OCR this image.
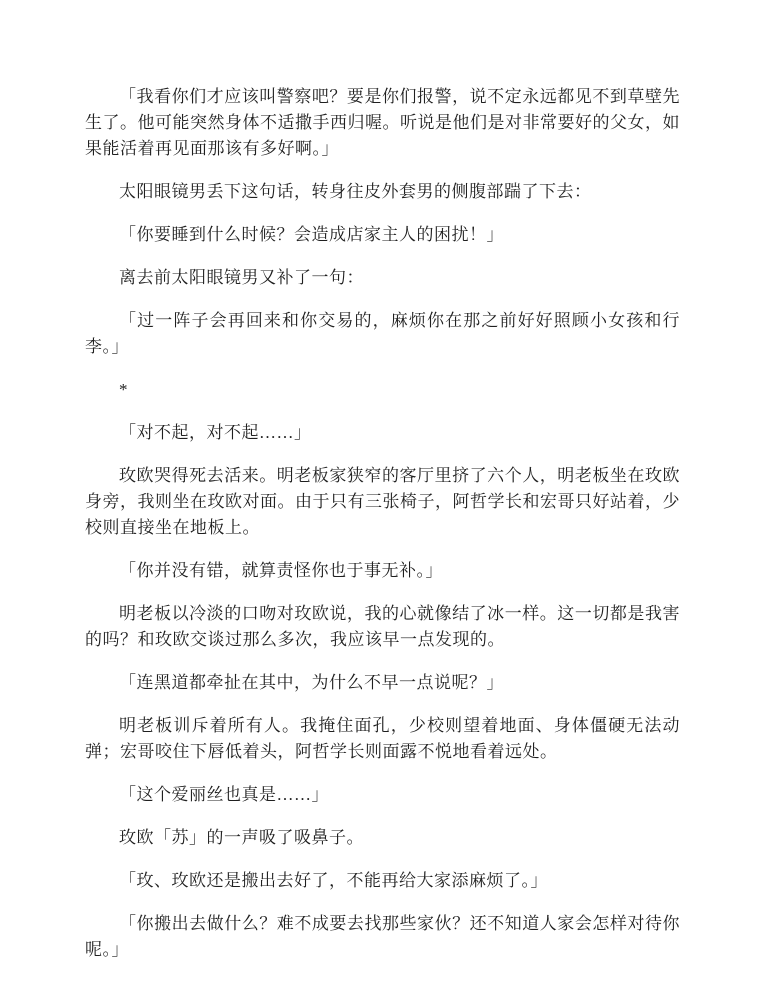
「我看你们才应该叫警察吧？要是你们报警，说不定永远都见不到草壁先生了。他可能突然身体不适撒手西归喔。听说是他们是对非常要好的父女，如果能活着再见面那该有多好啊。」

太阳眼镜男丢下这句话，转身往皮外套男的侧腹部踹了下去：

「你要睡到什么时候？会造成店家主人的困扰！」

离去前太阳眼镜男又补了一句：

「过一阵子会再回来和你交易的，麻烦你在那之前好好照顾小女孩和行李。」

*

「对不起，对不起……」

玫欧哭得死去活来。明老板家狭窄的客厅里挤了六个人，明老板坐在玫欧身旁，我则坐在玫欧对面。由于只有三张椅子，阿哲学长和宏哥只好站着，少校则直接坐在地板上。

「你并没有错，就算责怪你也于事无补。」

明老板以冷淡的口吻对玫欧说，我的心就像结了冰一样。这一切都是我害的吗？和玫欧交谈过那么多次，我应该早一点发现的。

「连黑道都牵扯在其中，为什么不早一点说呢？」

明老板训斥着所有人。我掩住面孔，少校则望着地面、身体僵硬无法动弹；宏哥咬住下唇低着头，阿哲学长则面露不悦地看着远处。

「这个爱丽丝也真是……」

玫欧「苏」的一声吸了吸鼻子。

「玫、玫欧还是搬出去好了，不能再给大家添麻烦了。」

「你搬出去做什么？难不成要去找那些家伙？还不知道人家会怎样对待你呢。」
